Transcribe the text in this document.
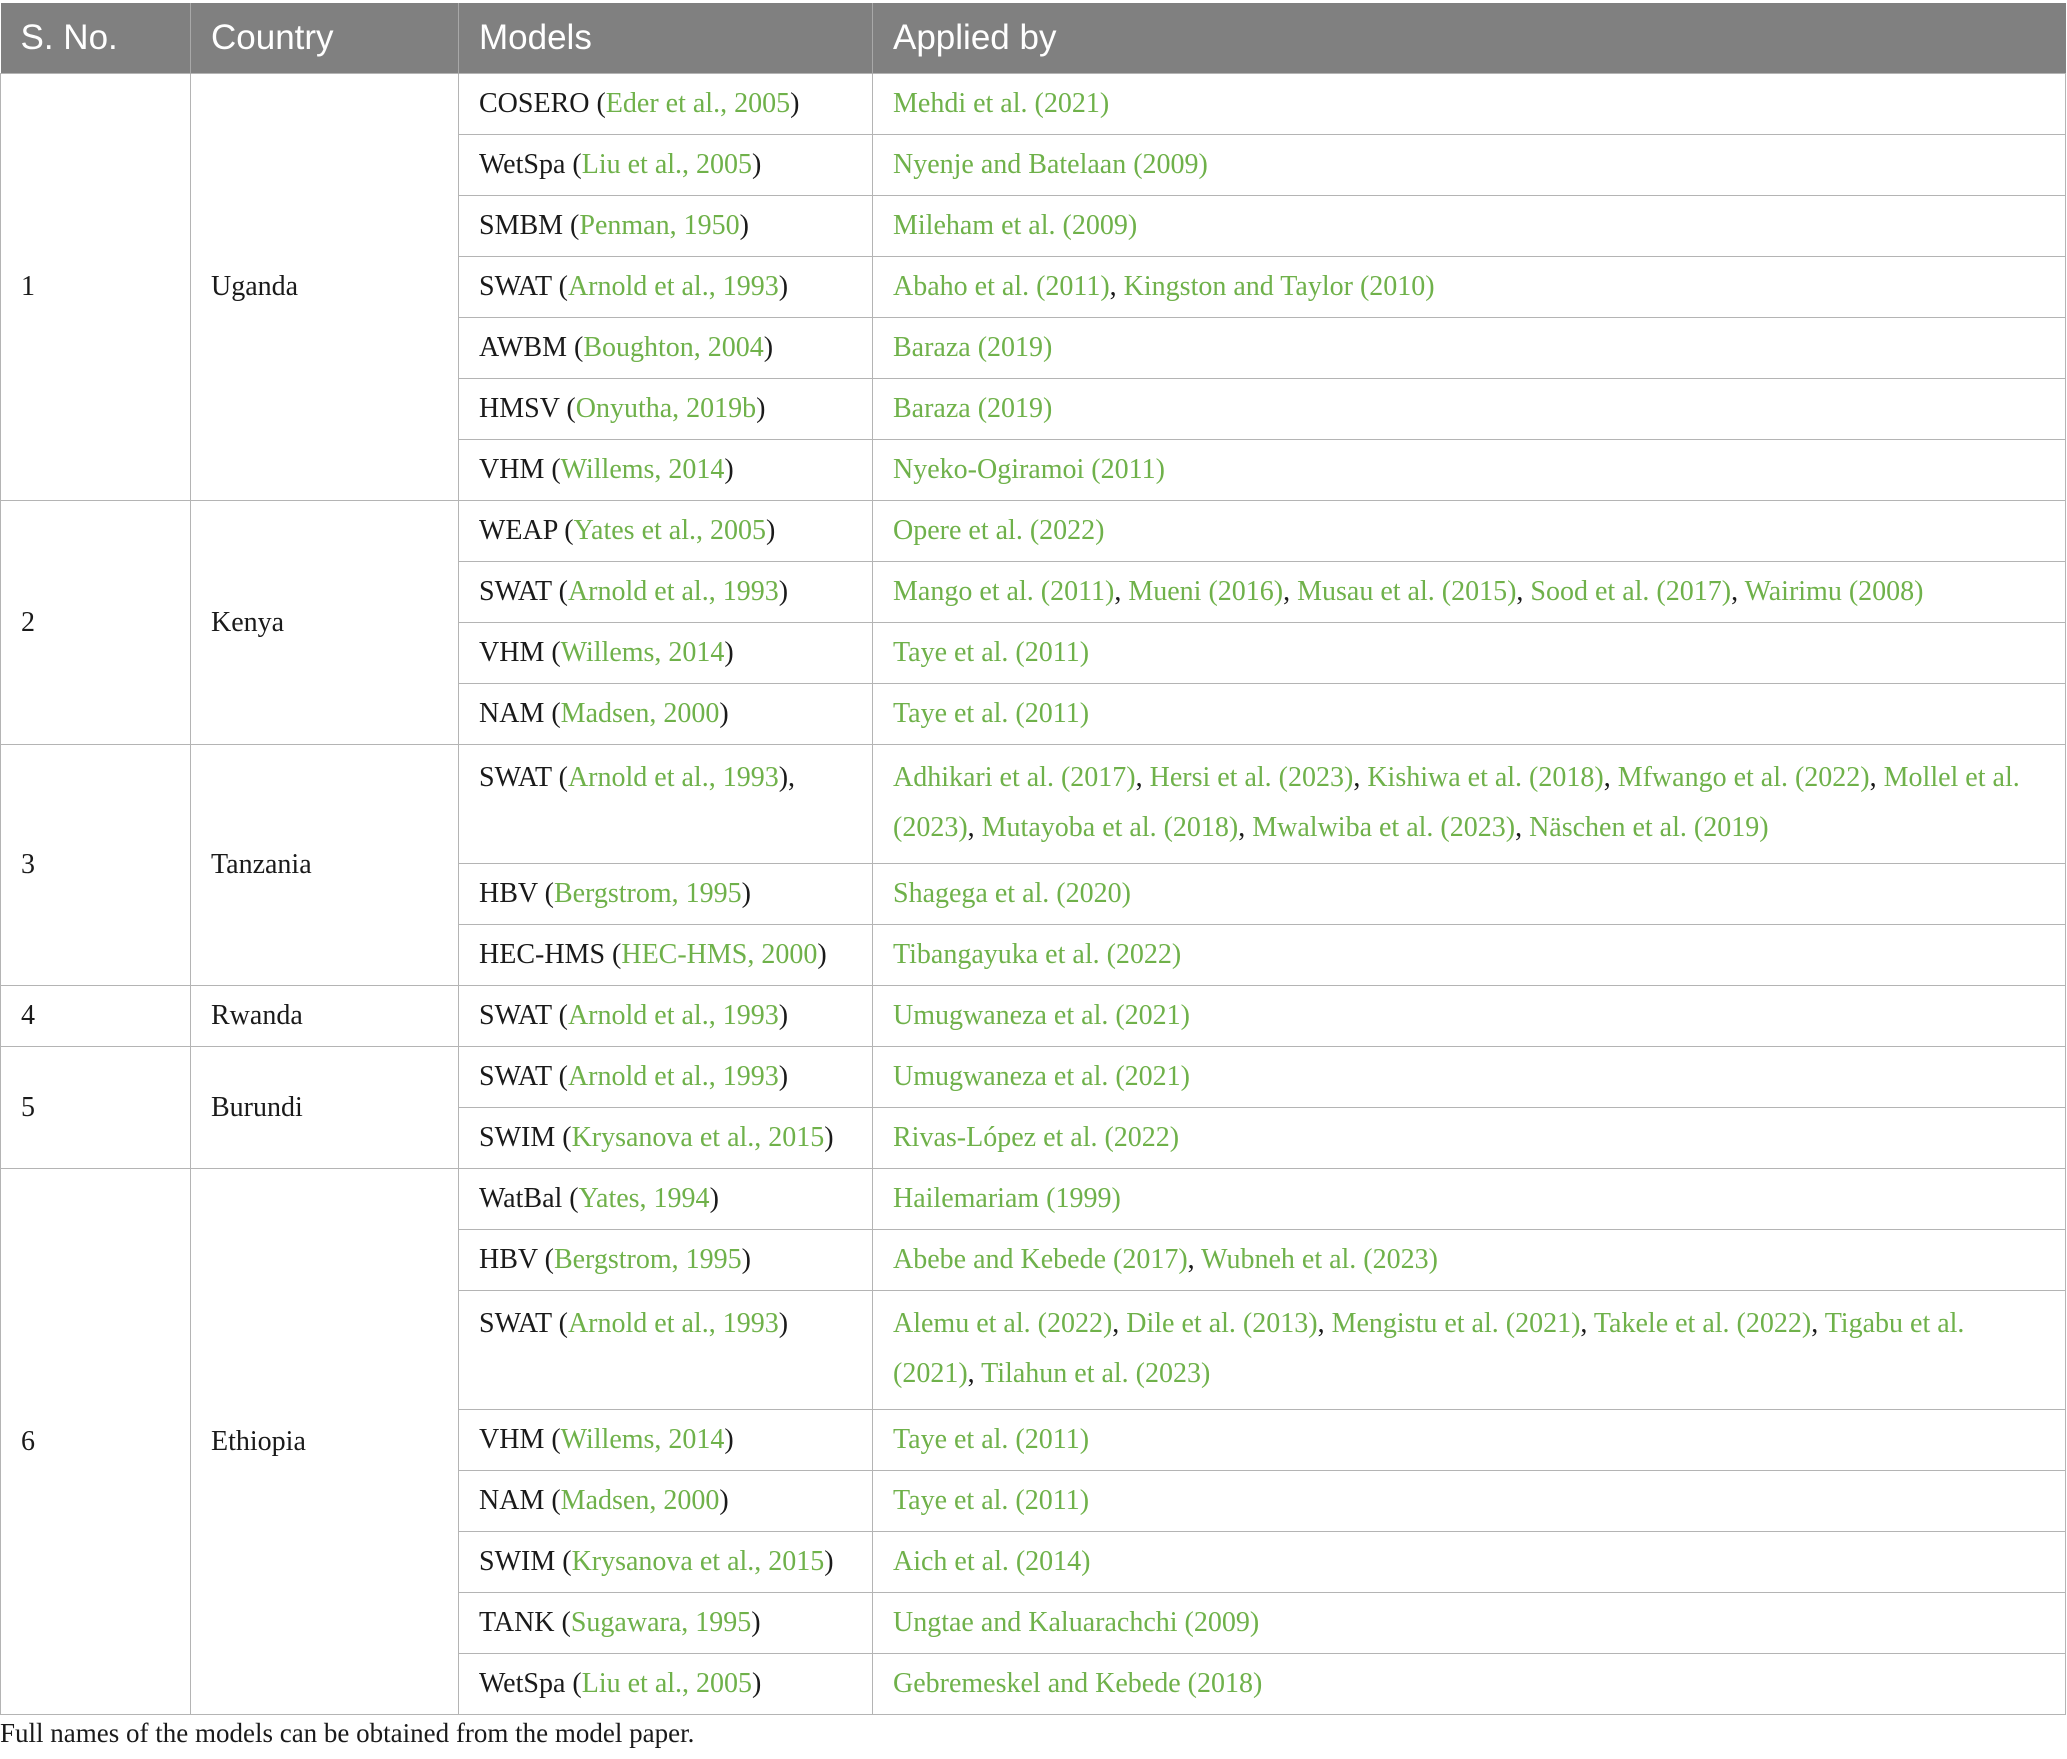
S. No.	Country	Models	Applied by
1	Uganda	COSERO (Eder et al., 2005)	Mehdi et al. (2021)
		WetSpa (Liu et al., 2005)	Nyenje and Batelaan (2009)
		SMBM (Penman, 1950)	Mileham et al. (2009)
		SWAT (Arnold et al., 1993)	Abaho et al. (2011), Kingston and Taylor (2010)
		AWBM (Boughton, 2004)	Baraza (2019)
		HMSV (Onyutha, 2019b)	Baraza (2019)
		VHM (Willems, 2014)	Nyeko-Ogiramoi (2011)
2	Kenya	WEAP (Yates et al., 2005)	Opere et al. (2022)
		SWAT (Arnold et al., 1993)	Mango et al. (2011), Mueni (2016), Musau et al. (2015), Sood et al. (2017), Wairimu (2008)
		VHM (Willems, 2014)	Taye et al. (2011)
		NAM (Madsen, 2000)	Taye et al. (2011)
3	Tanzania	SWAT (Arnold et al., 1993),	Adhikari et al. (2017), Hersi et al. (2023), Kishiwa et al. (2018), Mfwango et al. (2022), Mollel et al. (2023), Mutayoba et al. (2018), Mwalwiba et al. (2023), Näschen et al. (2019)
		HBV (Bergstrom, 1995)	Shagega et al. (2020)
		HEC-HMS (HEC-HMS, 2000)	Tibangayuka et al. (2022)
4	Rwanda	SWAT (Arnold et al., 1993)	Umugwaneza et al. (2021)
5	Burundi	SWAT (Arnold et al., 1993)	Umugwaneza et al. (2021)
		SWIM (Krysanova et al., 2015)	Rivas-López et al. (2022)
6	Ethiopia	WatBal (Yates, 1994)	Hailemariam (1999)
		HBV (Bergstrom, 1995)	Abebe and Kebede (2017), Wubneh et al. (2023)
		SWAT (Arnold et al., 1993)	Alemu et al. (2022), Dile et al. (2013), Mengistu et al. (2021), Takele et al. (2022), Tigabu et al. (2021), Tilahun et al. (2023)
		VHM (Willems, 2014)	Taye et al. (2011)
		NAM (Madsen, 2000)	Taye et al. (2011)
		SWIM (Krysanova et al., 2015)	Aich et al. (2014)
		TANK (Sugawara, 1995)	Ungtae and Kaluarachchi (2009)
		WetSpa (Liu et al., 2005)	Gebremeskel and Kebede (2018)
Full names of the models can be obtained from the model paper.
